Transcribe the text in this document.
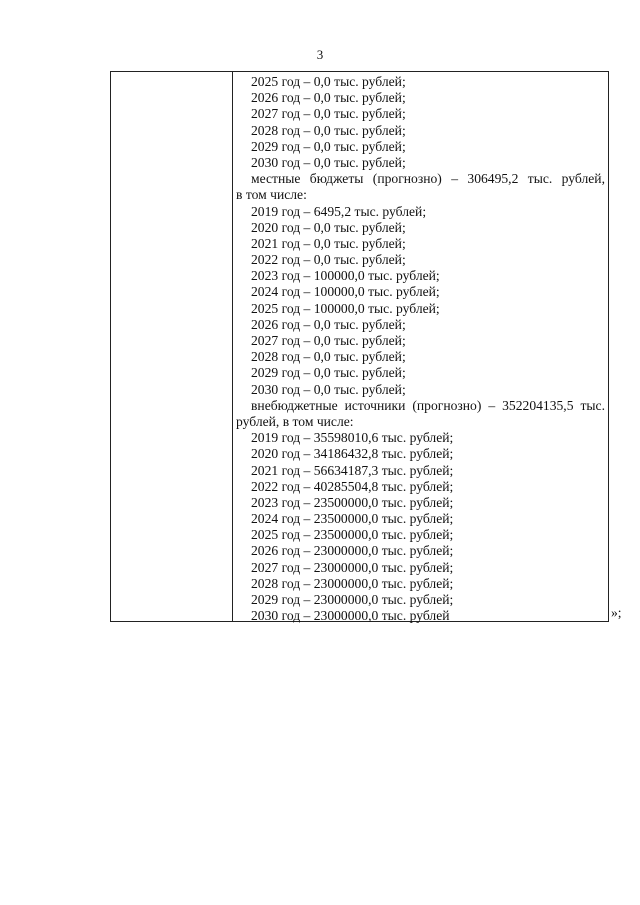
3
2025 год – 0,0 тыс. рублей;
2026 год – 0,0 тыс. рублей;
2027 год – 0,0 тыс. рублей;
2028 год – 0,0 тыс. рублей;
2029 год – 0,0 тыс. рублей;
2030 год – 0,0 тыс. рублей;
местные бюджеты (прогнозно) – 306495,2 тыс. рублей,
в том числе:
2019 год – 6495,2 тыс. рублей;
2020 год – 0,0 тыс. рублей;
2021 год – 0,0 тыс. рублей;
2022 год – 0,0 тыс. рублей;
2023 год – 100000,0 тыс. рублей;
2024 год – 100000,0 тыс. рублей;
2025 год – 100000,0 тыс. рублей;
2026 год – 0,0 тыс. рублей;
2027 год – 0,0 тыс. рублей;
2028 год – 0,0 тыс. рублей;
2029 год – 0,0 тыс. рублей;
2030 год – 0,0 тыс. рублей;
внебюджетные источники (прогнозно) – 352204135,5 тыс.
рублей, в том числе:
2019 год – 35598010,6 тыс. рублей;
2020 год – 34186432,8 тыс. рублей;
2021 год – 56634187,3 тыс. рублей;
2022 год – 40285504,8 тыс. рублей;
2023 год – 23500000,0 тыс. рублей;
2024 год – 23500000,0 тыс. рублей;
2025 год – 23500000,0 тыс. рублей;
2026 год – 23000000,0 тыс. рублей;
2027 год – 23000000,0 тыс. рублей;
2028 год – 23000000,0 тыс. рублей;
2029 год – 23000000,0 тыс. рублей;
2030 год – 23000000,0 тыс. рублей	»;
